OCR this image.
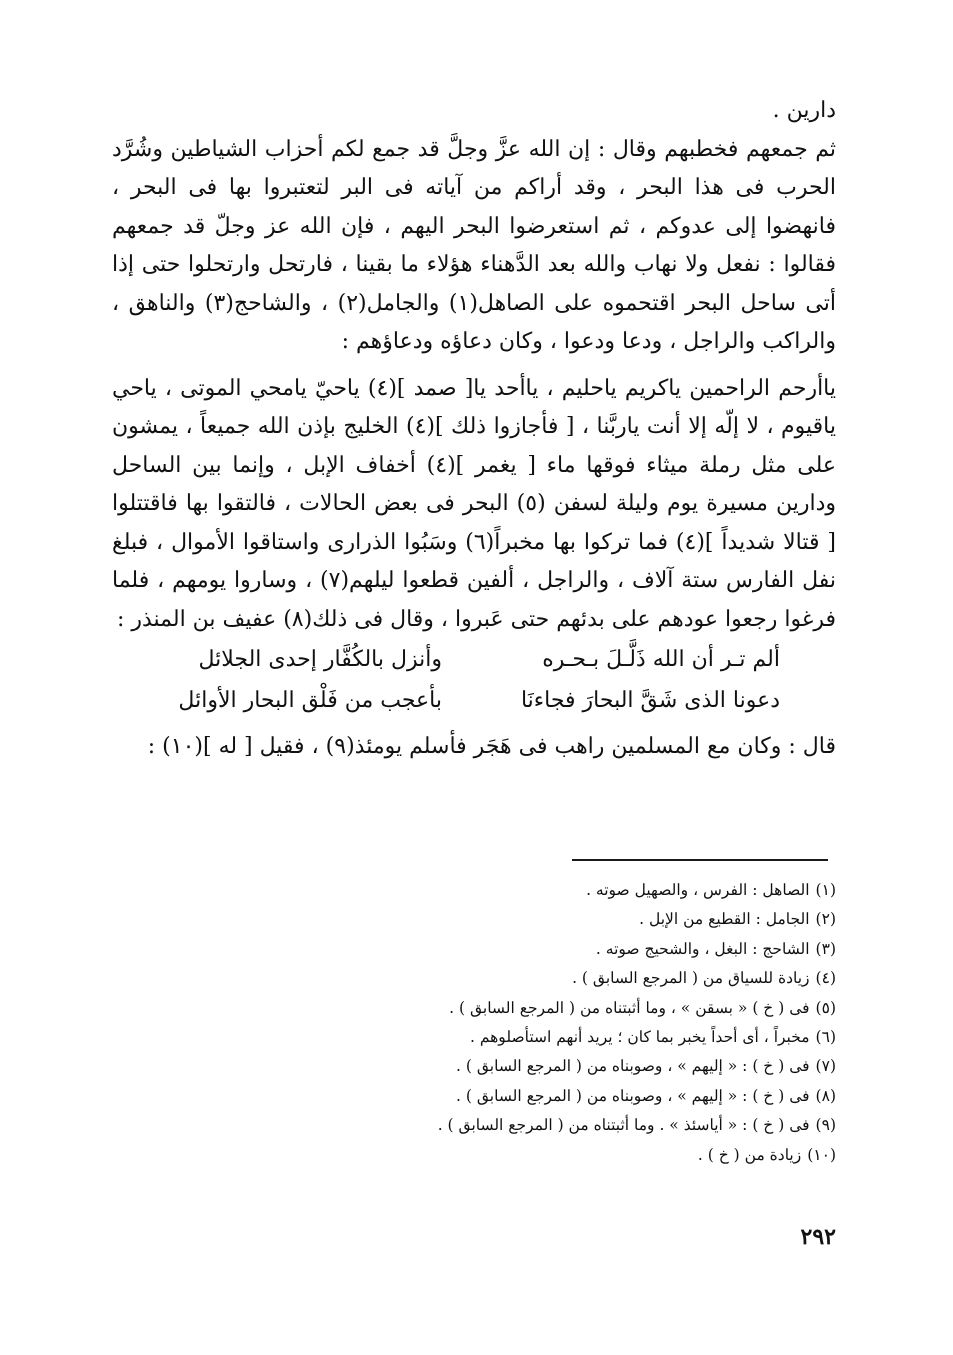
دارين .

ثم جمعهم فخطبهم وقال : إن الله عزَّ وجلَّ قد جمع لكم أحزاب الشياطين وشُرَّد الحرب فى هذا البحر ، وقد أراكم من آياته فى البر لتعتبروا بها فى البحر ، فانهضوا إلى عدوكم ، ثم استعرضوا البحر اليهم ، فإن الله عز وجلّ قد جمعهم فقالوا : نفعل ولا نهاب والله بعد الدَّهناء هؤلاء ما بقينا ، فارتحل وارتحلوا حتى إذا أتى ساحل البحر اقتحموه على الصاهل(١) والجامل(٢) ، والشاحج(٣) والناهق ، والراكب والراجل ، ودعا ودعوا ، وكان دعاؤه ودعاؤهم :

ياأرحم الراحمين ياكريم ياحليم ، ياأحد يا[ صمد ](٤) ياحيّ يامحي الموتى ، ياحي ياقيوم ، لا إلّه إلا أنت ياربَّنا ، [ فأجازوا ذلك ](٤) الخليج بإذن الله جميعاً ، يمشون على مثل رملة ميثاء فوقها ماء [ يغمر ](٤) أخفاف الإبل ، وإنما بين الساحل ودارين مسيرة يوم وليلة لسفن (٥) البحر فى بعض الحالات ، فالتقوا بها فاقتتلوا [ قتالا شديداً ](٤) فما تركوا بها مخبراً(٦) وسَبُوا الذرارى واستاقوا الأموال ، فبلغ نفل الفارس ستة آلاف ، والراجل ، ألفين قطعوا ليلهم(٧) ، وساروا يومهم ، فلما فرغوا رجعوا عودهم على بدئهم حتى عَبروا ، وقال فى ذلك(٨) عفيف بن المنذر :

ألم تـر أن الله ذَلَّـلَ بـحـره
وأنزل بالكُفَّار إحدى الجلائل
دعونا الذى شَقَّ البحارَ فجاءنَا
بأعجب من فَلْق البحار الأوائل

قال : وكان مع المسلمين راهب فى هَجَر فأسلم يومئذ(٩) ، فقيل [ له ](١٠) :

(١)الصاهل : الفرس ، والصهيل صوته .
(٢)الجامل : القطيع من الإبل .
(٣)الشاحج : البغل ، والشحيج صوته .
(٤)زيادة للسياق من ( المرجع السابق ) .
(٥)فى ( خ ) « بسقن » ، وما أثبتناه من ( المرجع السابق ) .
(٦)مخبراً ، أى أحداً يخبر بما كان ؛ يريد أنهم استأصلوهم .
(٧)فى ( خ ) : « إليهم » ، وصوبناه من ( المرجع السابق ) .
(٨)فى ( خ ) : « إليهم » ، وصوبناه من ( المرجع السابق ) .
(٩)فى ( خ ) : « أياسئذ » . وما أثبتناه من ( المرجع السابق ) .
(١٠)زيادة من ( خ ) .
٢٩٢
